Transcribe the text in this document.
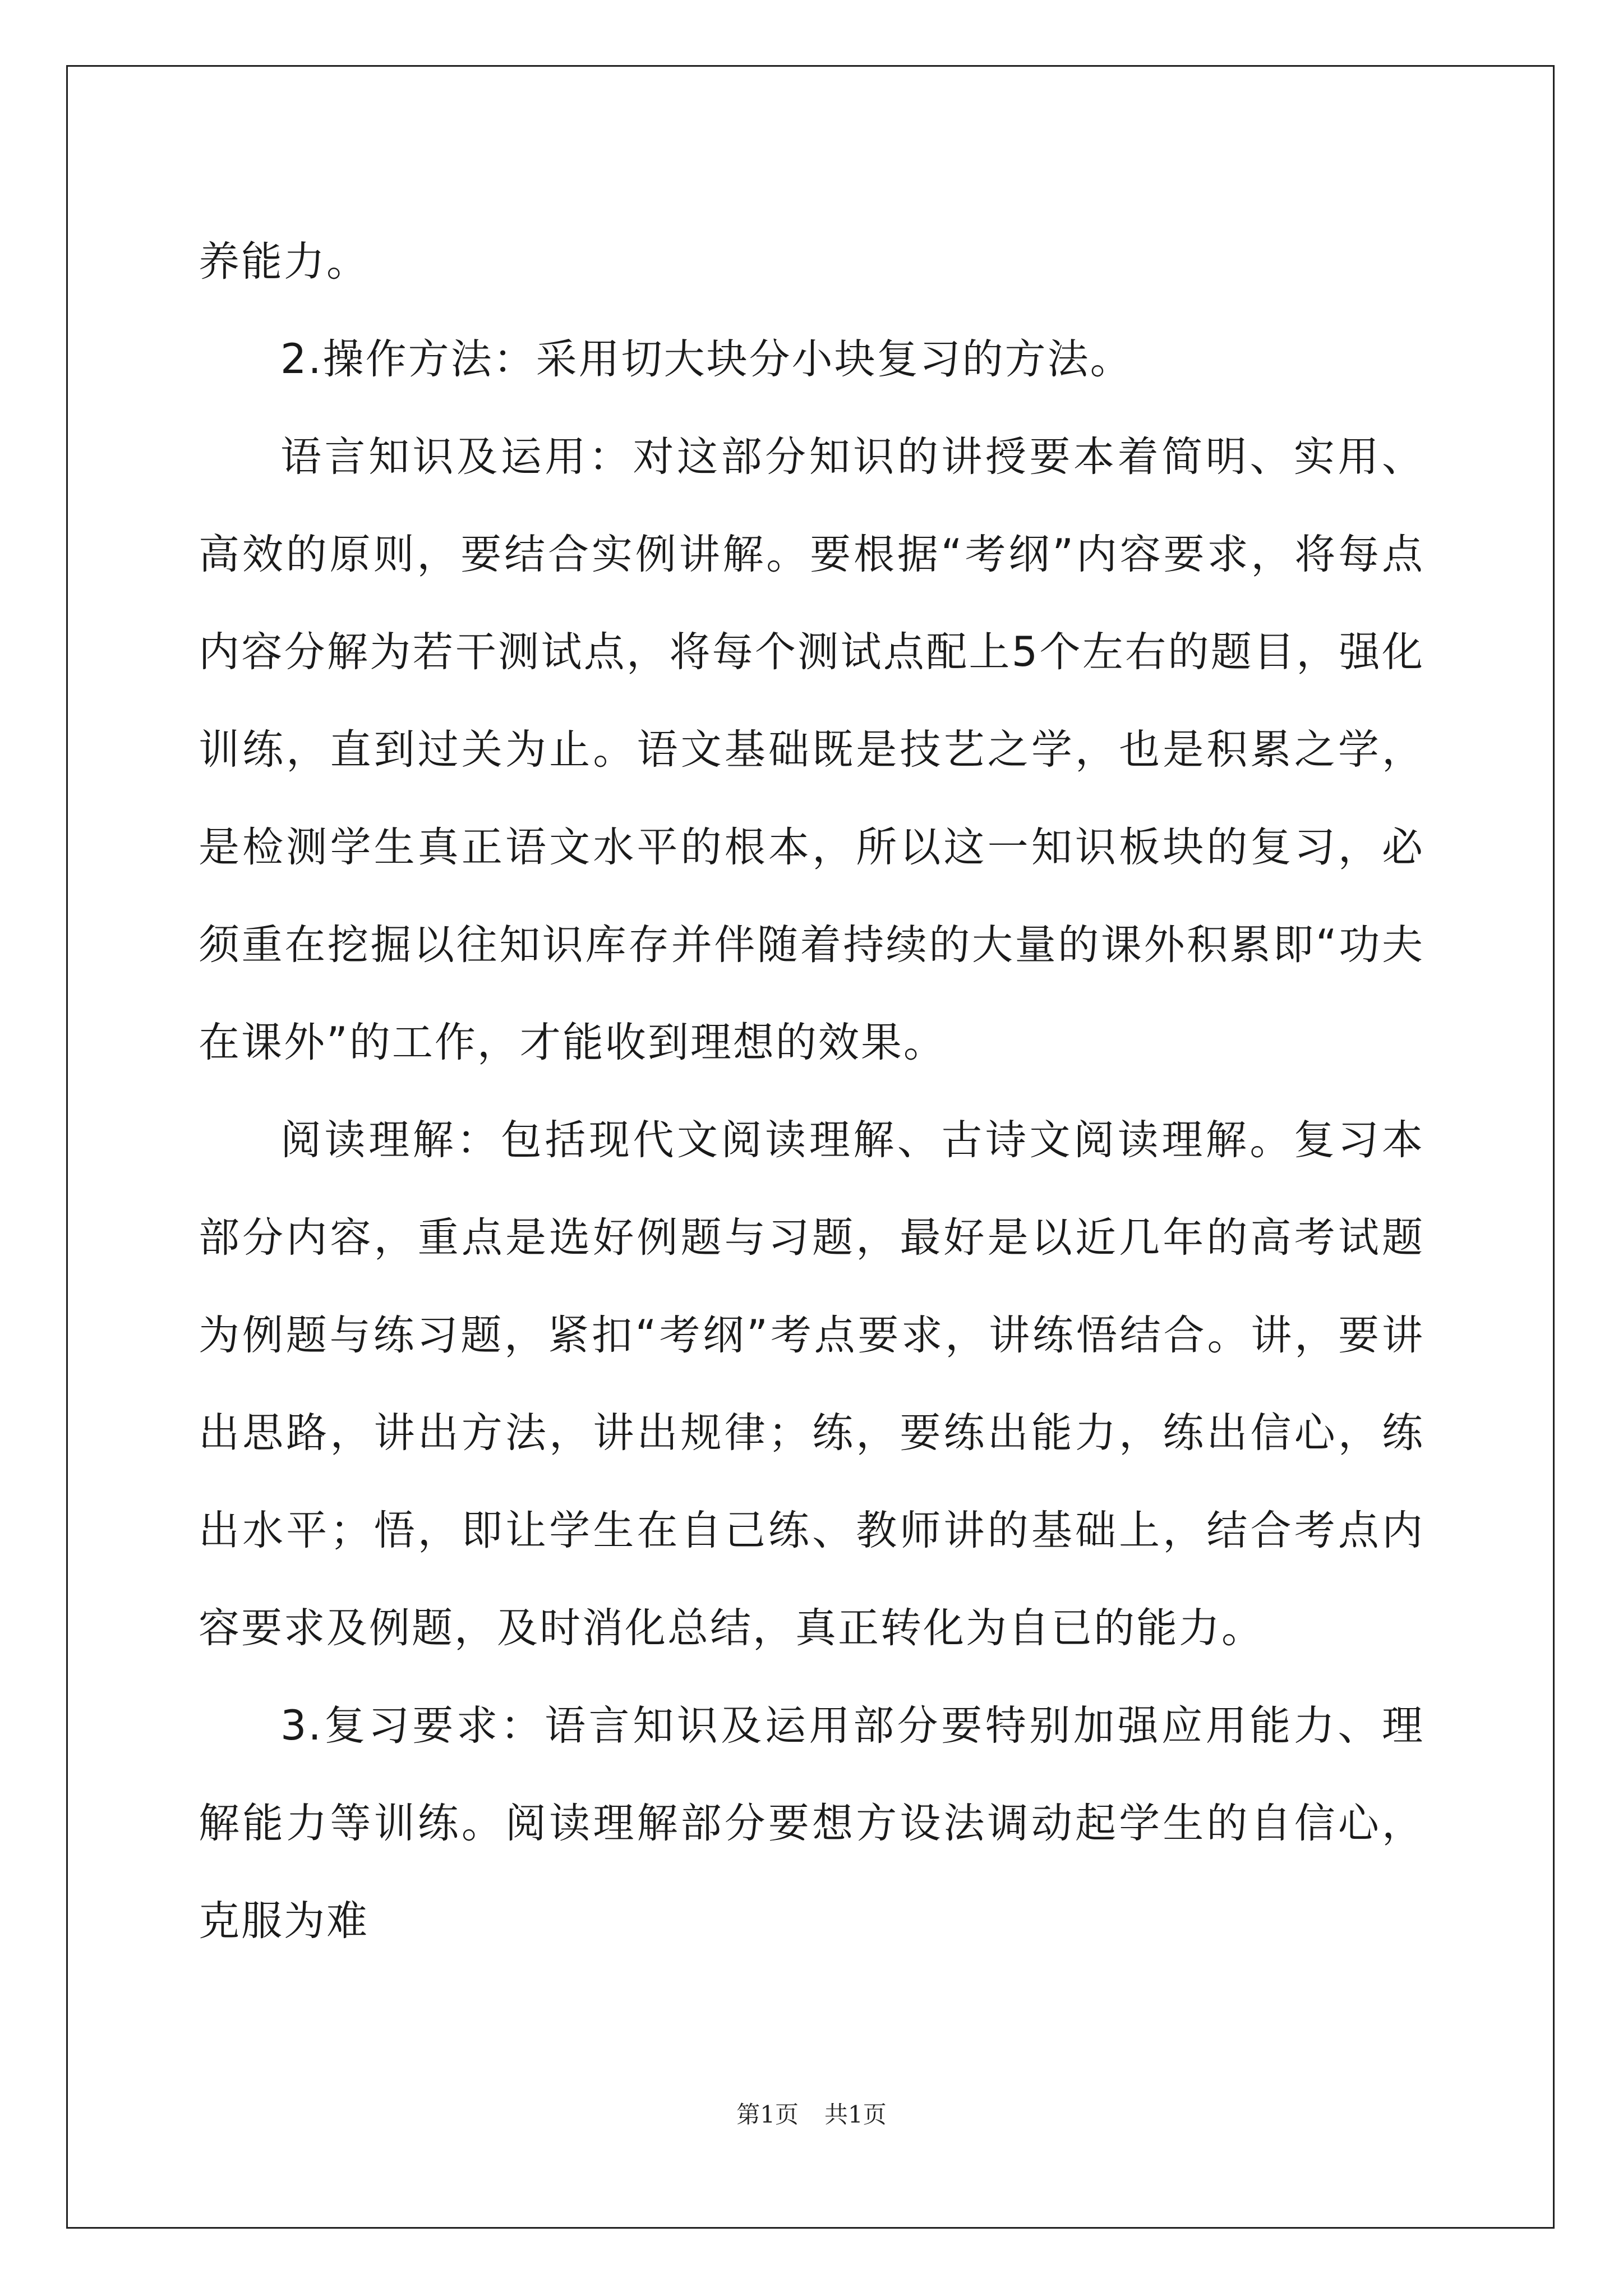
养能力。

2.操作方法：采用切大块分小块复习的方法。

语言知识及运用：对这部分知识的讲授要本着简明、实用、高效的原则，要结合实例讲解。要根据“考纲”内容要求，将每点内容分解为若干测试点，将每个测试点配上5个左右的题目，强化训练，直到过关为止。语文基础既是技艺之学，也是积累之学，是检测学生真正语文水平的根本，所以这一知识板块的复习，必须重在挖掘以往知识库存并伴随着持续的大量的课外积累即“功夫在课外”的工作，才能收到理想的效果。

阅读理解：包括现代文阅读理解、古诗文阅读理解。复习本部分内容，重点是选好例题与习题，最好是以近几年的高考试题为例题与练习题，紧扣“考纲”考点要求，讲练悟结合。讲，要讲出思路，讲出方法，讲出规律；练，要练出能力，练出信心，练出水平；悟，即让学生在自己练、教师讲的基础上，结合考点内容要求及例题，及时消化总结，真正转化为自已的能力。

3.复习要求：语言知识及运用部分要特别加强应用能力、理解能力等训练。阅读理解部分要想方设法调动起学生的自信心，克服为难

第1页 共1页
